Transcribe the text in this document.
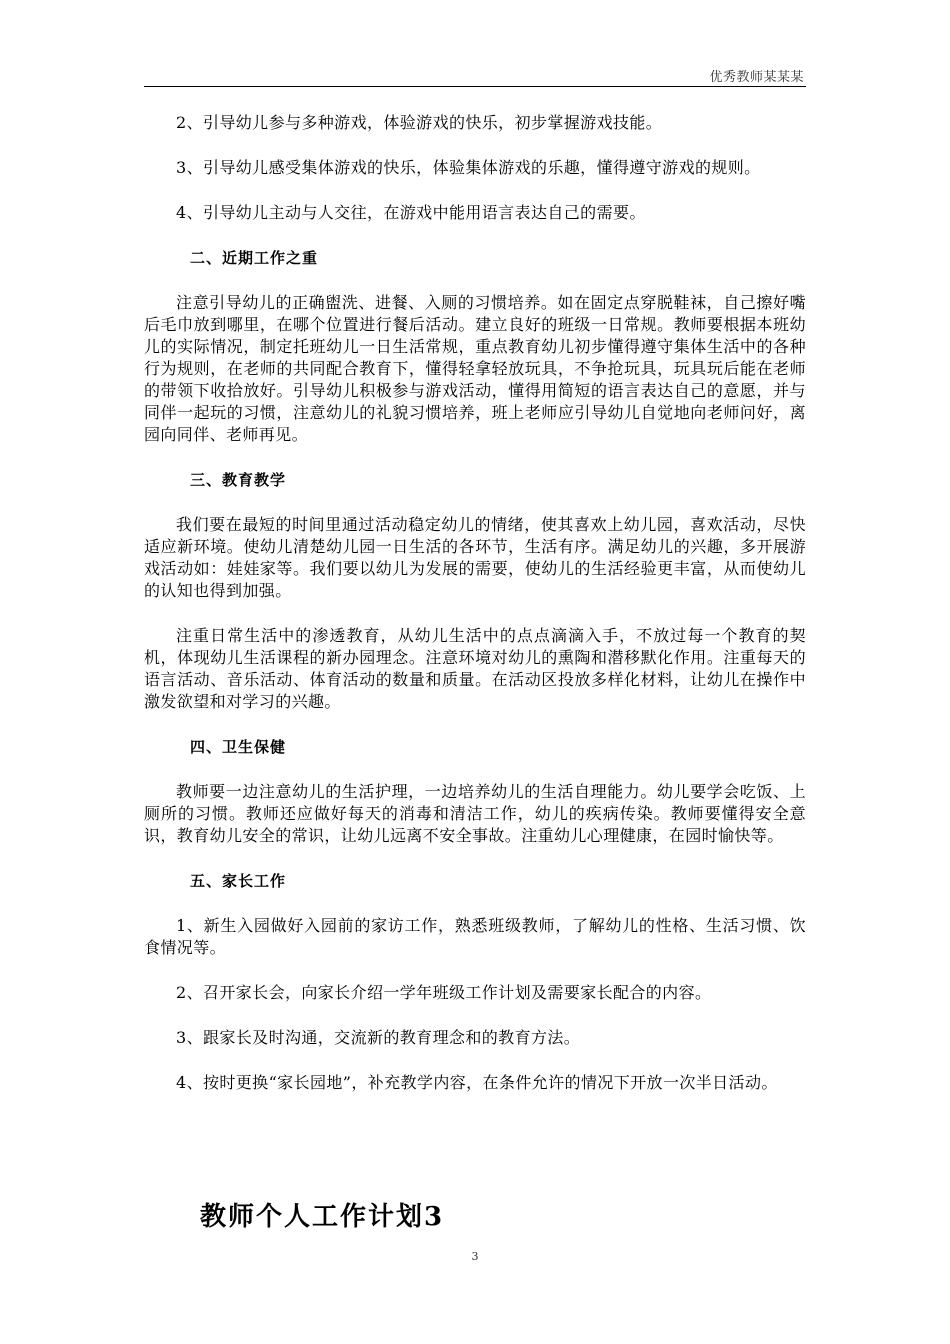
优秀教师某某某

2、引导幼儿参与多种游戏，体验游戏的快乐，初步掌握游戏技能。

3、引导幼儿感受集体游戏的快乐，体验集体游戏的乐趣，懂得遵守游戏的规则。

4、引导幼儿主动与人交往，在游戏中能用语言表达自己的需要。

二、近期工作之重

注意引导幼儿的正确盥洗、进餐、入厕的习惯培养。如在固定点穿脱鞋袜，自己擦好嘴后毛巾放到哪里，在哪个位置进行餐后活动。建立良好的班级一日常规。教师要根据本班幼儿的实际情况，制定托班幼儿一日生活常规，重点教育幼儿初步懂得遵守集体生活中的各种行为规则，在老师的共同配合教育下，懂得轻拿轻放玩具，不争抢玩具，玩具玩后能在老师的带领下收拾放好。引导幼儿积极参与游戏活动，懂得用简短的语言表达自己的意愿，并与同伴一起玩的习惯，注意幼儿的礼貌习惯培养，班上老师应引导幼儿自觉地向老师问好，离园向同伴、老师再见。

三、教育教学

我们要在最短的时间里通过活动稳定幼儿的情绪，使其喜欢上幼儿园，喜欢活动，尽快适应新环境。使幼儿清楚幼儿园一日生活的各环节，生活有序。满足幼儿的兴趣，多开展游戏活动如：娃娃家等。我们要以幼儿为发展的需要，使幼儿的生活经验更丰富，从而使幼儿的认知也得到加强。

注重日常生活中的渗透教育，从幼儿生活中的点点滴滴入手，不放过每一个教育的契机，体现幼儿生活课程的新办园理念。注意环境对幼儿的熏陶和潜移默化作用。注重每天的语言活动、音乐活动、体育活动的数量和质量。在活动区投放多样化材料，让幼儿在操作中激发欲望和对学习的兴趣。

四、卫生保健

教师要一边注意幼儿的生活护理，一边培养幼儿的生活自理能力。幼儿要学会吃饭、上厕所的习惯。教师还应做好每天的消毒和清洁工作，幼儿的疾病传染。教师要懂得安全意识，教育幼儿安全的常识，让幼儿远离不安全事故。注重幼儿心理健康，在园时愉快等。

五、家长工作

1、新生入园做好入园前的家访工作，熟悉班级教师，了解幼儿的性格、生活习惯、饮食情况等。

2、召开家长会，向家长介绍一学年班级工作计划及需要家长配合的内容。

3、跟家长及时沟通，交流新的教育理念和的教育方法。

4、按时更换“家长园地”，补充教学内容，在条件允许的情况下开放一次半日活动。

教师个人工作计划3
3
